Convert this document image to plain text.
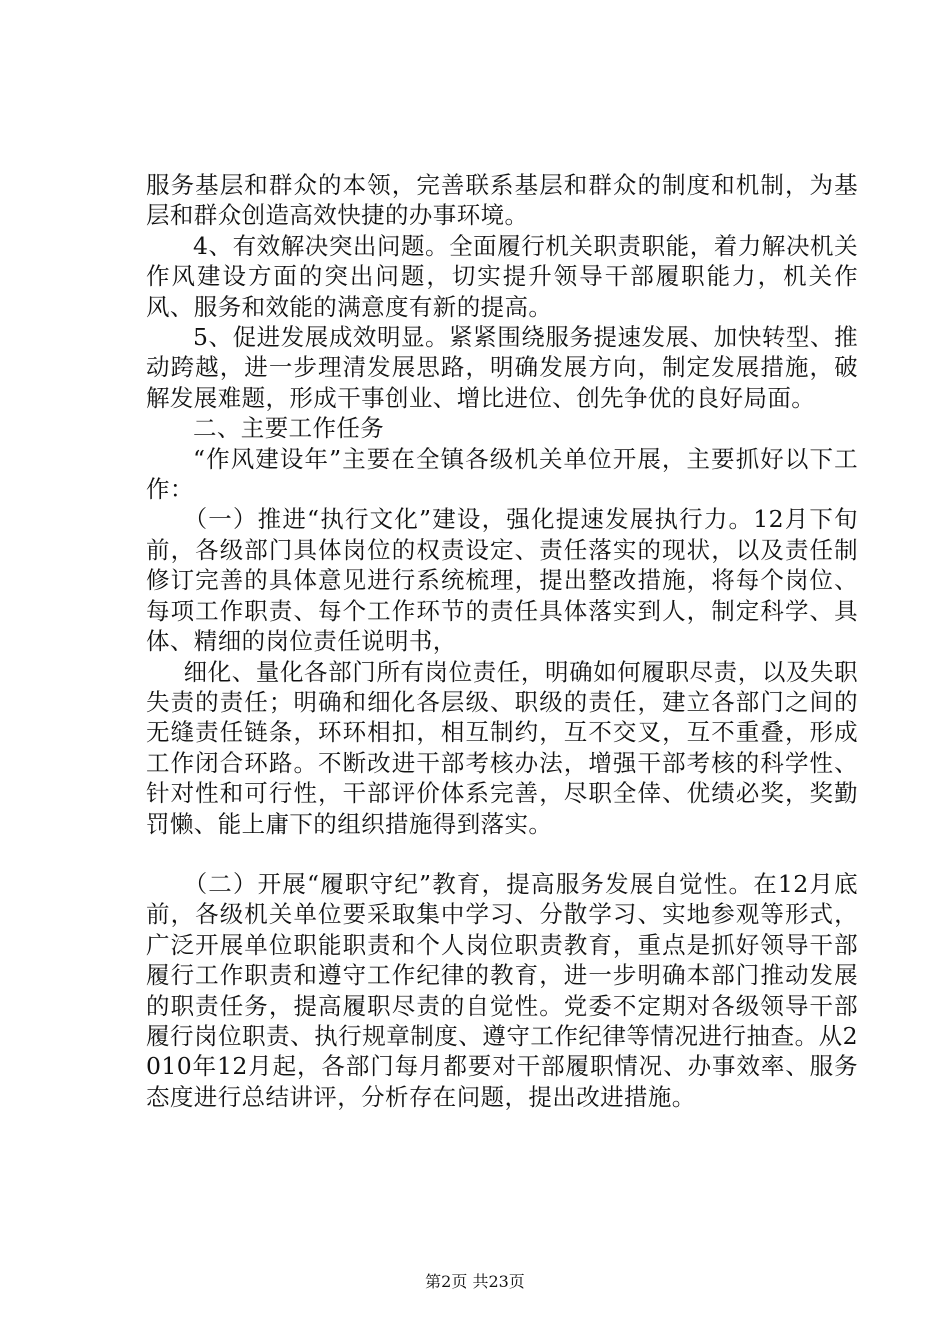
服务基层和群众的本领，完善联系基层和群众的制度和机制，为基层和群众创造高效快捷的办事环境。

4、有效解决突出问题。全面履行机关职责职能，着力解决机关作风建设方面的突出问题，切实提升领导干部履职能力，机关作风、服务和效能的满意度有新的提高。

5、促进发展成效明显。紧紧围绕服务提速发展、加快转型、推动跨越，进一步理清发展思路，明确发展方向，制定发展措施，破解发展难题，形成干事创业、增比进位、创先争优的良好局面。

二、主要工作任务

“作风建设年”主要在全镇各级机关单位开展，主要抓好以下工作：

（一）推进“执行文化”建设，强化提速发展执行力。12月下旬前，各级部门具体岗位的权责设定、责任落实的现状，以及责任制修订完善的具体意见进行系统梳理，提出整改措施，将每个岗位、每项工作职责、每个工作环节的责任具体落实到人，制定科学、具体、精细的岗位责任说明书，

细化、量化各部门所有岗位责任，明确如何履职尽责，以及失职失责的责任；明确和细化各层级、职级的责任，建立各部门之间的无缝责任链条，环环相扣，相互制约，互不交叉，互不重叠，形成工作闭合环路。不断改进干部考核办法，增强干部考核的科学性、针对性和可行性，干部评价体系完善，尽职全倖、优绩必奖，奖勤罚懒、能上庸下的组织措施得到落实。

（二）开展“履职守纪”教育，提高服务发展自觉性。在12月底前，各级机关单位要采取集中学习、分散学习、实地参观等形式，广泛开展单位职能职责和个人岗位职责教育，重点是抓好领导干部履行工作职责和遵守工作纪律的教育，进一步明确本部门推动发展的职责任务，提高履职尽责的自觉性。党委不定期对各级领导干部履行岗位职责、执行规章制度、遵守工作纪律等情况进行抽查。从2010年12月起，各部门每月都要对干部履职情况、办事效率、服务态度进行总结讲评，分析存在问题，提出改进措施。

第2页 共23页
